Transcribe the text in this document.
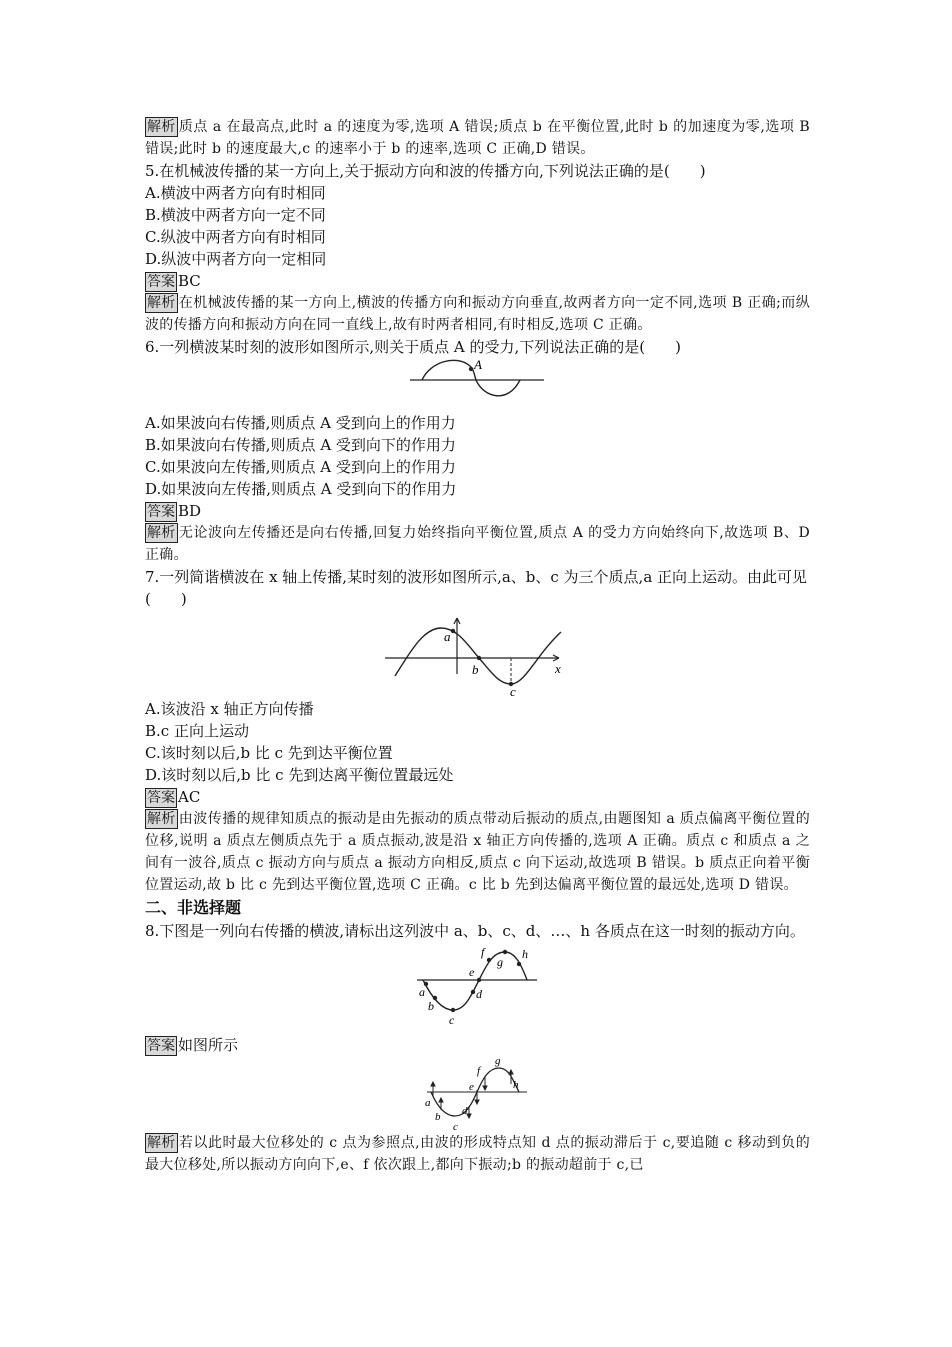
解析 质点 a 在最高点,此时 a 的速度为零,选项 A 错误;质点 b 在平衡位置,此时 b 的加速度为零,选项 B 错误;此时 b 的速度最大,c 的速率小于 b 的速率,选项 C 正确,D 错误。

5.在机械波传播的某一方向上,关于振动方向和波的传播方向,下列说法正确的是(　　)

A.横波中两者方向有时相同

B.横波中两者方向一定不同

C.纵波中两者方向有时相同

D.纵波中两者方向一定相同

答案 BC

解析 在机械波传播的某一方向上,横波的传播方向和振动方向垂直,故两者方向一定不同,选项 B 正确;而纵波的传播方向和振动方向在同一直线上,故有时两者相同,有时相反,选项 C 正确。

6.一列横波某时刻的波形如图所示,则关于质点 A 的受力,下列说法正确的是(　　)

A

A.如果波向右传播,则质点 A 受到向上的作用力

B.如果波向右传播,则质点 A 受到向下的作用力

C.如果波向左传播,则质点 A 受到向上的作用力

D.如果波向左传播,则质点 A 受到向下的作用力

答案 BD

解析 无论波向左传播还是向右传播,回复力始终指向平衡位置,质点 A 的受力方向始终向下,故选项 B、D 正确。

7.一列简谐横波在 x 轴上传播,某时刻的波形如图所示,a、b、c 为三个质点,a 正向上运动。由此可见(　　)

x
a
b
c

A.该波沿 x 轴正方向传播

B.c 正向上运动

C.该时刻以后,b 比 c 先到达平衡位置

D.该时刻以后,b 比 c 先到达离平衡位置最远处

答案 AC

解析 由波传播的规律知质点的振动是由先振动的质点带动后振动的质点,由题图知 a 质点偏离平衡位置的位移,说明 a 质点左侧质点先于 a 质点振动,波是沿 x 轴正方向传播的,选项 A 正确。质点 c 和质点 a 之间有一波谷,质点 c 振动方向与质点 a 振动方向相反,质点 c 向下运动,故选项 B 错误。b 质点正向着平衡位置运动,故 b 比 c 先到达平衡位置,选项 C 正确。c 比 b 先到达偏离平衡位置的最远处,选项 D 错误。

二、非选择题

8.下图是一列向右传播的横波,请标出这列波中 a、b、c、d、…、h 各质点在这一时刻的振动方向。

a
b
c
d
e
f
g
h

答案 如图所示

a
b
c
d
e
f
g
h

解析 若以此时最大位移处的 c 点为参照点,由波的形成特点知 d 点的振动滞后于 c,要追随 c 移动到负的最大位移处,所以振动方向向下,e、f 依次跟上,都向下振动;b 的振动超前于 c,已
